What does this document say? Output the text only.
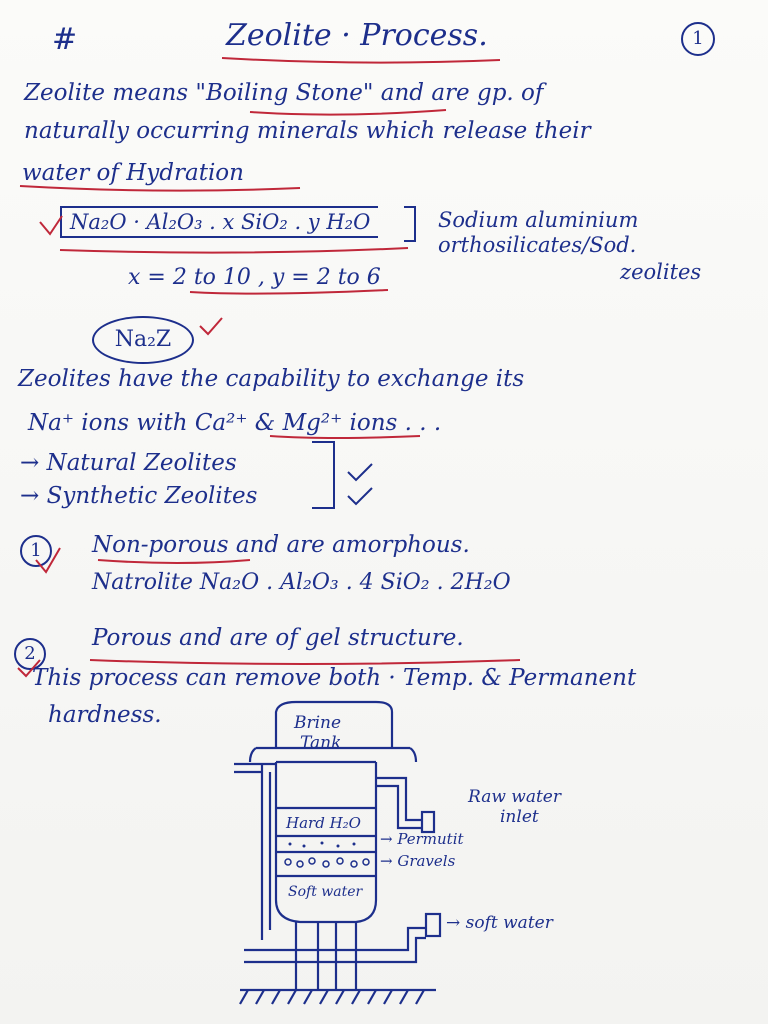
#	Zeolite · Process.	1
Zeolite means "Boiling Stone" and are gp. of
naturally occurring minerals which release their
water of Hydration
Na₂O · Al₂O₃ . x SiO₂ . y H₂O	Sodium aluminium
orthosilicates/Sod.
zeolites
x = 2 to 10 , y = 2 to 6
Na₂Z
Zeolites have the capability to exchange its
Na⁺ ions with Ca²⁺ & Mg²⁺ ions . . .
→ Natural Zeolites
→ Synthetic Zeolites
1	Non-porous and are amorphous.
Natrolite Na₂O . Al₂O₃ . 4 SiO₂ . 2H₂O
2
Porous and are of gel structure.
This process can remove both · Temp. & Permanent
hardness.	Brine
Tank
Hard H₂O
Soft water
Raw water
inlet
→ Permutit
→ Gravels
→ soft water
